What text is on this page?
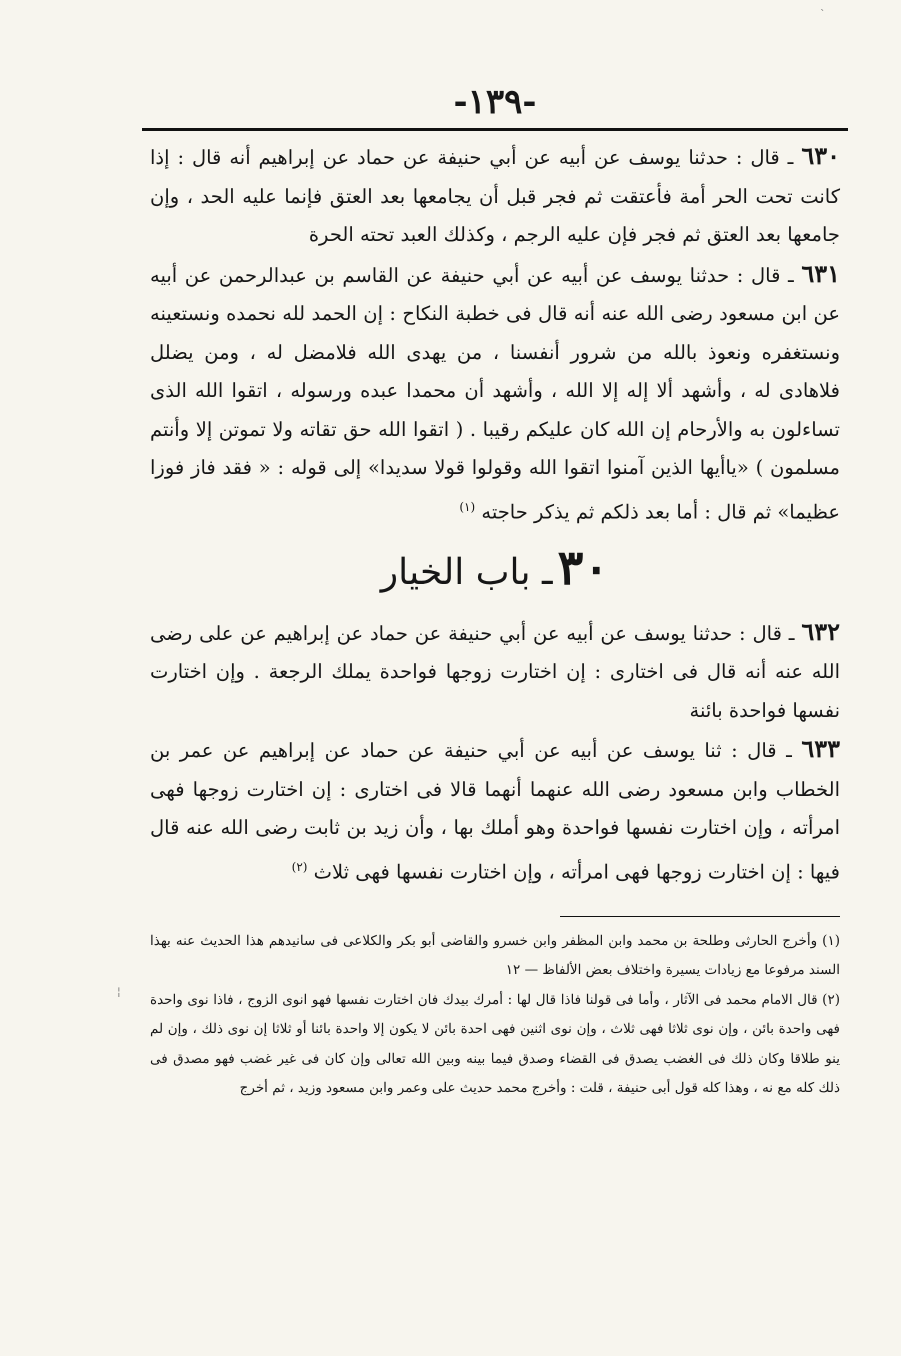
`
¦
-١٣٩-

٦٣٠ ـ قال : حدثنا يوسف عن أبيه عن أبي حنيفة عن حماد عن إبراهيم أنه قال : إذا كانت تحت الحر أمة فأعتقت ثم فجر قبل أن يجامعها بعد العتق فإنما عليه الحد ، وإن جامعها بعد العتق ثم فجر فإن عليه الرجم ، وكذلك العبد تحته الحرة

٦٣١ ـ قال : حدثنا يوسف عن أبيه عن أبي حنيفة عن القاسم بن عبدالرحمن عن أبيه عن ابن مسعود رضى الله عنه أنه قال فى خطبة النكاح : إن الحمد لله نحمده ونستعينه ونستغفره ونعوذ بالله من شرور أنفسنا ، من يهدى الله فلامضل له ، ومن يضلل فلاهادى له ، وأشهد ألا إله إلا الله ، وأشهد أن محمدا عبده ورسوله ، اتقوا الله الذى تساءلون به والأرحام إن الله كان عليكم رقيبا . ( اتقوا الله حق تقاته ولا تموتن إلا وأنتم مسلمون ) «ياأيها الذين آمنوا اتقوا الله وقولوا قولا سديدا» إلى قوله : « فقد فاز فوزا عظيما» ثم قال : أما بعد ذلكم ثم يذكر حاجته $^{(١)}$

٣٠ ـ باب الخيار

٦٣٢ ـ قال : حدثنا يوسف عن أبيه عن أبي حنيفة عن حماد عن إبراهيم عن على رضى الله عنه أنه قال فى اختارى : إن اختارت زوجها فواحدة يملك الرجعة . وإن اختارت نفسها فواحدة بائنة

٦٣٣ ـ قال : ثنا يوسف عن أبيه عن أبي حنيفة عن حماد عن إبراهيم عن عمر بن الخطاب وابن مسعود رضى الله عنهما أنهما قالا فى اختارى : إن اختارت زوجها فهى امرأته ، وإن اختارت نفسها فواحدة وهو أملك بها ، وأن زيد بن ثابت رضى الله عنه قال فيها : إن اختارت زوجها فهى امرأته ، وإن اختارت نفسها فهى ثلاث $^{(٢)}$

(١) وأخرج الحارثى وطلحة بن محمد وابن المظفر وابن خسرو والقاضى أبو بكر والكلاعى فى سانيدهم هذا الحديث عنه بهذا السند مرفوعا مع زيادات يسيرة واختلاف بعض الألفاظ — ١٢

(٢) قال الامام محمد فى الآثار ، وأما فى قولنا فاذا قال لها : أمرك بيدك فان اختارت نفسها فهو انوى الزوج ، فاذا نوى واحدة فهى واحدة بائن ، وإن نوى ثلاثا فهى ثلاث ، وإن نوى اثنين فهى احدة بائن لا يكون إلا واحدة بائنا أو ثلاثا إن نوى ذلك ، وإن لم ينو طلاقا وكان ذلك فى الغضب يصدق فى القضاء وصدق فيما بينه وبين الله تعالى وإن كان فى غير غضب فهو مصدق فى ذلك كله مع نه ، وهذا كله قول أبى حنيفة ، قلت : وأخرج محمد حديث على وعمر وابن مسعود وزيد ، ثم أخرج
